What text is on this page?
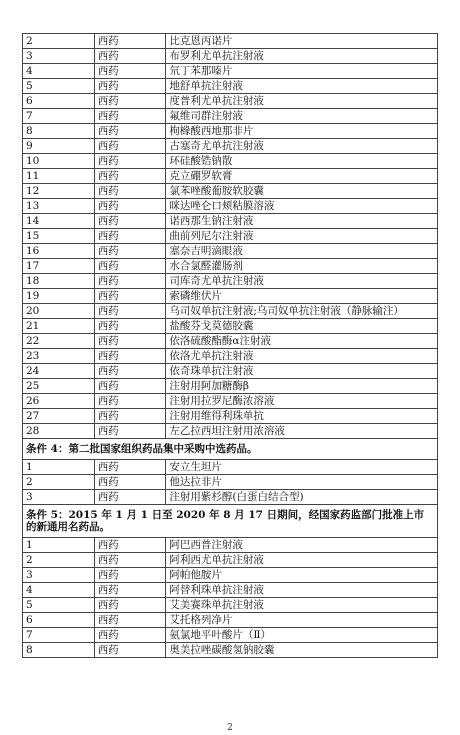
2	西药	比克恩丙诺片
3	西药	布罗利尤单抗注射液
4	西药	氘丁苯那嗪片
5	西药	地舒单抗注射液
6	西药	度普利尤单抗注射液
7	西药	氟维司群注射液
8	西药	枸橼酸西地那非片
9	西药	古塞奇尤单抗注射液
10	西药	环硅酸锆钠散
11	西药	克立硼罗软膏
12	西药	氯苯唑酸葡胺软胶囊
13	西药	咪达唑仑口颊粘膜溶液
14	西药	诺西那生钠注射液
15	西药	曲前列尼尔注射液
16	西药	塞奈吉明滴眼液
17	西药	水合氯醛灌肠剂
18	西药	司库奇尤单抗注射液
19	西药	索磷维伏片
20	西药	乌司奴单抗注射液;乌司奴单抗注射液（静脉输注）
21	西药	盐酸芬戈莫德胶囊
22	西药	依洛硫酸酯酶α注射液
23	西药	依洛尤单抗注射液
24	西药	依奇珠单抗注射液
25	西药	注射用阿加糖酶β
26	西药	注射用拉罗尼酶浓溶液
27	西药	注射用维得利珠单抗
28	西药	左乙拉西坦注射用浓溶液
条件 4：第二批国家组织药品集中采购中选药品。		
1	西药	安立生坦片
2	西药	他达拉非片
3	西药	注射用紫杉醇(白蛋白结合型)
条件 5：2015 年 1 月 1 日至 2020 年 8 月 17 日期间，经国家药监部门批准上市的新通用名药品。		
1	西药	阿巴西普注射液
2	西药	阿利西尤单抗注射液
3	西药	阿帕他胺片
4	西药	阿替利珠单抗注射液
5	西药	艾美赛珠单抗注射液
6	西药	艾托格列净片
7	西药	氨氯地平叶酸片（Ⅱ）
8	西药	奥美拉唑碳酸氢钠胶囊
2
